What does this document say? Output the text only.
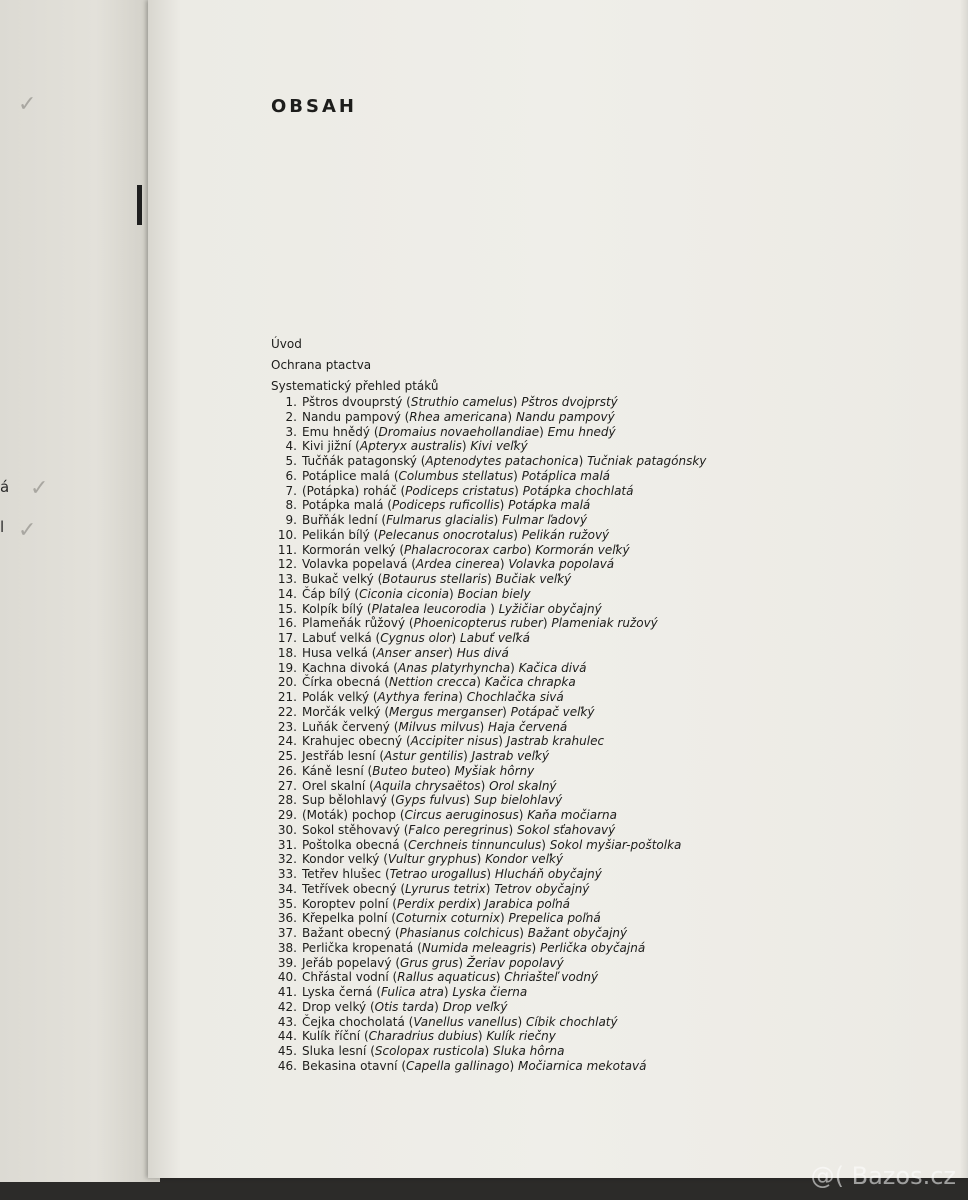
✓
á ✓
l ✓
OBSAH
Úvod
Ochrana ptactva
Systematický přehled ptáků
1. Pštros dvouprstý (Struthio camelus) Pštros dvojprstý
2. Nandu pampový (Rhea americana) Nandu pampový
3. Emu hnědý (Dromaius novaehollandiae) Emu hnedý
4. Kivi jižní (Apteryx australis) Kivi veľký
5. Tučňák patagonský (Aptenodytes patachonica) Tučniak patagónsky
6. Potáplice malá (Columbus stellatus) Potáplica malá
7. (Potápka) roháč (Podiceps cristatus) Potápka chochlatá
8. Potápka malá (Podiceps ruficollis) Potápka malá
9. Buřňák lední (Fulmarus glacialis) Fulmar ľadový
10. Pelikán bílý (Pelecanus onocrotalus) Pelikán ružový
11. Kormorán velký (Phalacrocorax carbo) Kormorán veľký
12. Volavka popelavá (Ardea cinerea) Volavka popolavá
13. Bukač velký (Botaurus stellaris) Bučiak veľký
14. Čáp bílý (Ciconia ciconia) Bocian biely
15. Kolpík bílý (Platalea leucorodia ) Lyžičiar obyčajný
16. Plameňák růžový (Phoenicopterus ruber) Plameniak ružový
17. Labuť velká (Cygnus olor) Labuť veľká
18. Husa velká (Anser anser) Hus divá
19. Kachna divoká (Anas platyrhyncha) Kačica divá
20. Čírka obecná (Nettion crecca) Kačica chrapka
21. Polák velký (Aythya ferina) Chochlačka sivá
22. Morčák velký (Mergus merganser) Potápač veľký
23. Luňák červený (Milvus milvus) Haja červená
24. Krahujec obecný (Accipiter nisus) Jastrab krahulec
25. Jestřáb lesní (Astur gentilis) Jastrab veľký
26. Káně lesní (Buteo buteo) Myšiak hôrny
27. Orel skalní (Aquila chrysaëtos) Orol skalný
28. Sup bělohlavý (Gyps fulvus) Sup bielohlavý
29. (Moták) pochop (Circus aeruginosus) Kaňa močiarna
30. Sokol stěhovavý (Falco peregrinus) Sokol sťahovavý
31. Poštolka obecná (Cerchneis tinnunculus) Sokol myšiar-poštolka
32. Kondor velký (Vultur gryphus) Kondor veľký
33. Tetřev hlušec (Tetrao urogallus) Hlucháň obyčajný
34. Tetřívek obecný (Lyrurus tetrix) Tetrov obyčajný
35. Koroptev polní (Perdix perdix) Jarabica poľná
36. Křepelka polní (Coturnix coturnix) Prepelica poľná
37. Bažant obecný (Phasianus colchicus) Bažant obyčajný
38. Perlička kropenatá (Numida meleagris) Perlička obyčajná
39. Jeřáb popelavý (Grus grus) Žeriav popolavý
40. Chřástal vodní (Rallus aquaticus) Chriašteľ vodný
41. Lyska černá (Fulica atra) Lyska čierna
42. Drop velký (Otis tarda) Drop veľký
43. Čejka chocholatá (Vanellus vanellus) Cíbik chochlatý
44. Kulík říční (Charadrius dubius) Kulík riečny
45. Sluka lesní (Scolopax rusticola) Sluka hôrna
46. Bekasina otavní (Capella gallinago) Močiarnica mekotavá
@( Bazos.cz
